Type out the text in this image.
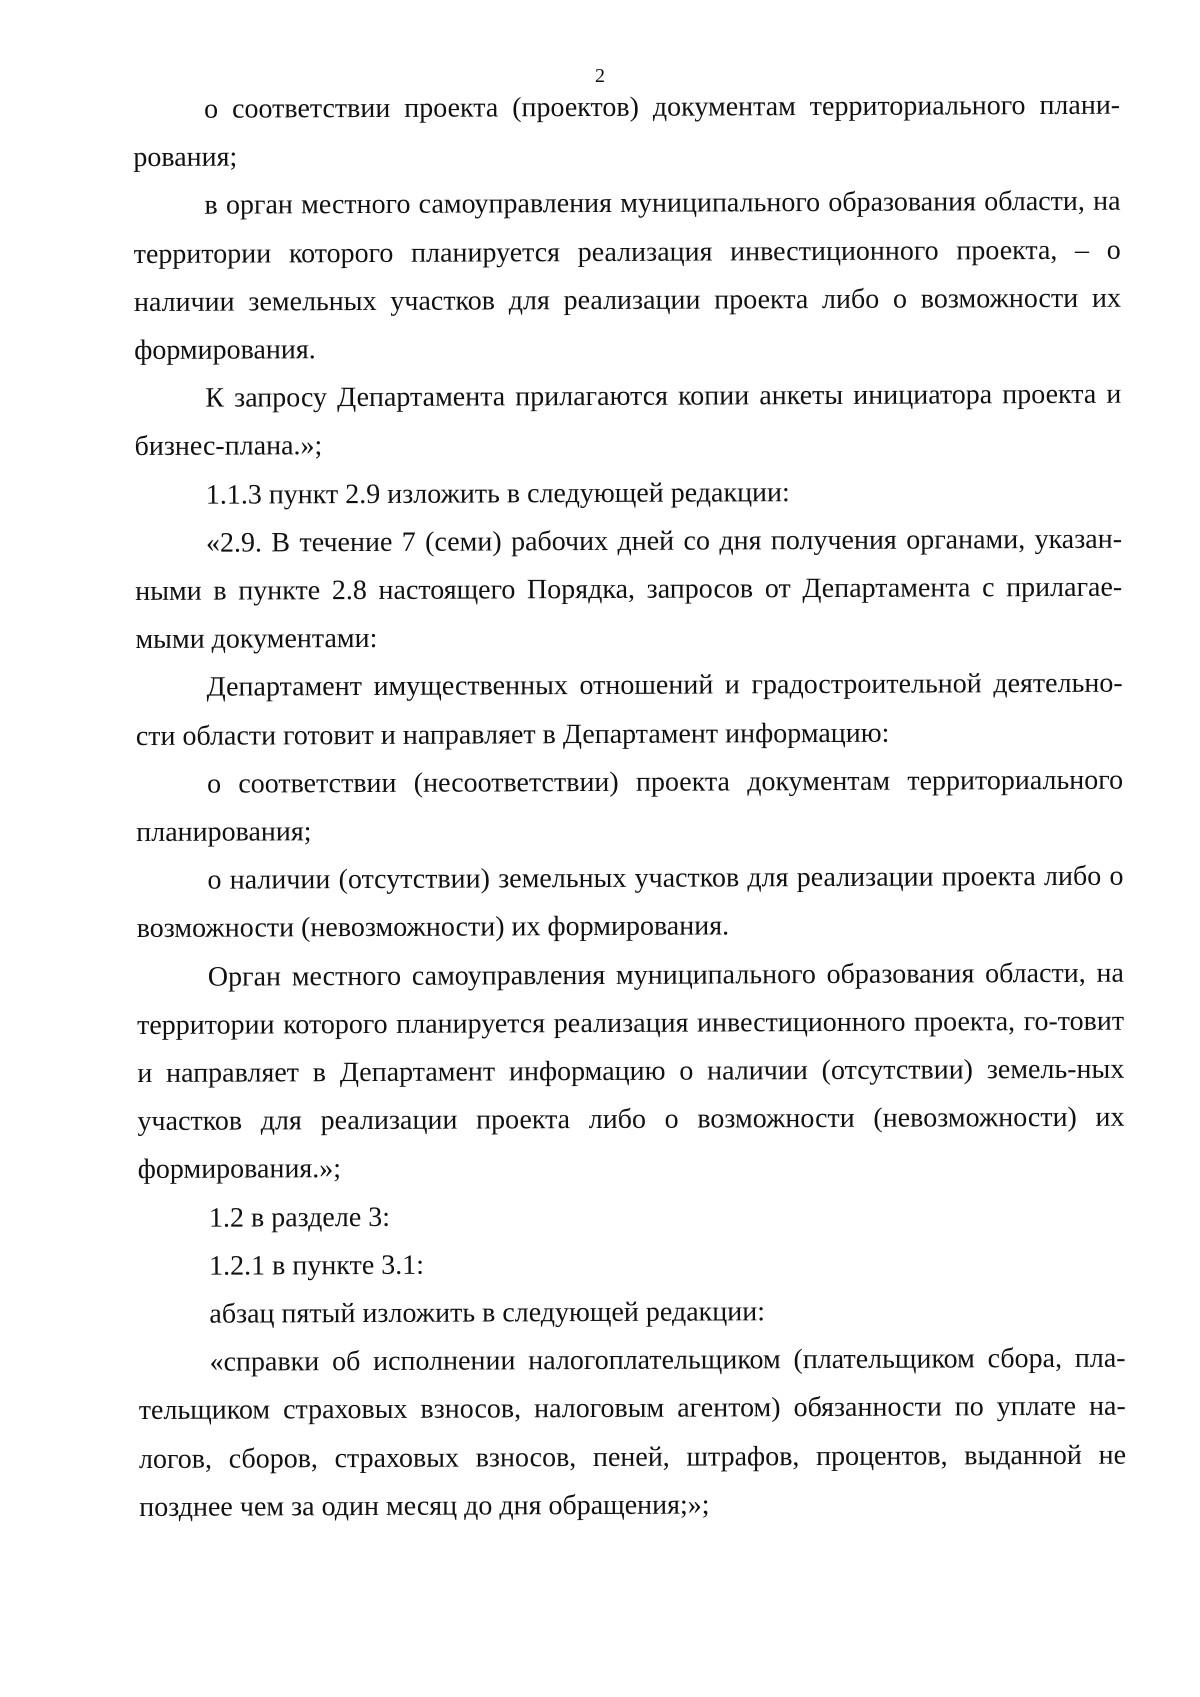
2

о соответствии проекта (проектов) документам территориального плани-рования;

в орган местного самоуправления муниципального образования области, на территории которого планируется реализация инвестиционного проекта, – о наличии земельных участков для реализации проекта либо о возможности их формирования.

К запросу Департамента прилагаются копии анкеты инициатора проекта и бизнес-плана.»;

1.1.3 пункт 2.9 изложить в следующей редакции:

«2.9. В течение 7 (семи) рабочих дней со дня получения органами, указан-ными в пункте 2.8 настоящего Порядка, запросов от Департамента с прилагае-мыми документами:

Департамент имущественных отношений и градостроительной деятельно-сти области готовит и направляет в Департамент информацию:

о соответствии (несоответствии) проекта документам территориального планирования;

о наличии (отсутствии) земельных участков для реализации проекта либо о возможности (невозможности) их формирования.

Орган местного самоуправления муниципального образования области, на территории которого планируется реализация инвестиционного проекта, го-товит и направляет в Департамент информацию о наличии (отсутствии) земель-ных участков для реализации проекта либо о возможности (невозможности) их формирования.»;

1.2 в разделе 3:

1.2.1 в пункте 3.1:

абзац пятый изложить в следующей редакции:

«справки об исполнении налогоплательщиком (плательщиком сбора, пла-тельщиком страховых взносов, налоговым агентом) обязанности по уплате на-логов, сборов, страховых взносов, пеней, штрафов, процентов, выданной не позднее чем за один месяц до дня обращения;»;
